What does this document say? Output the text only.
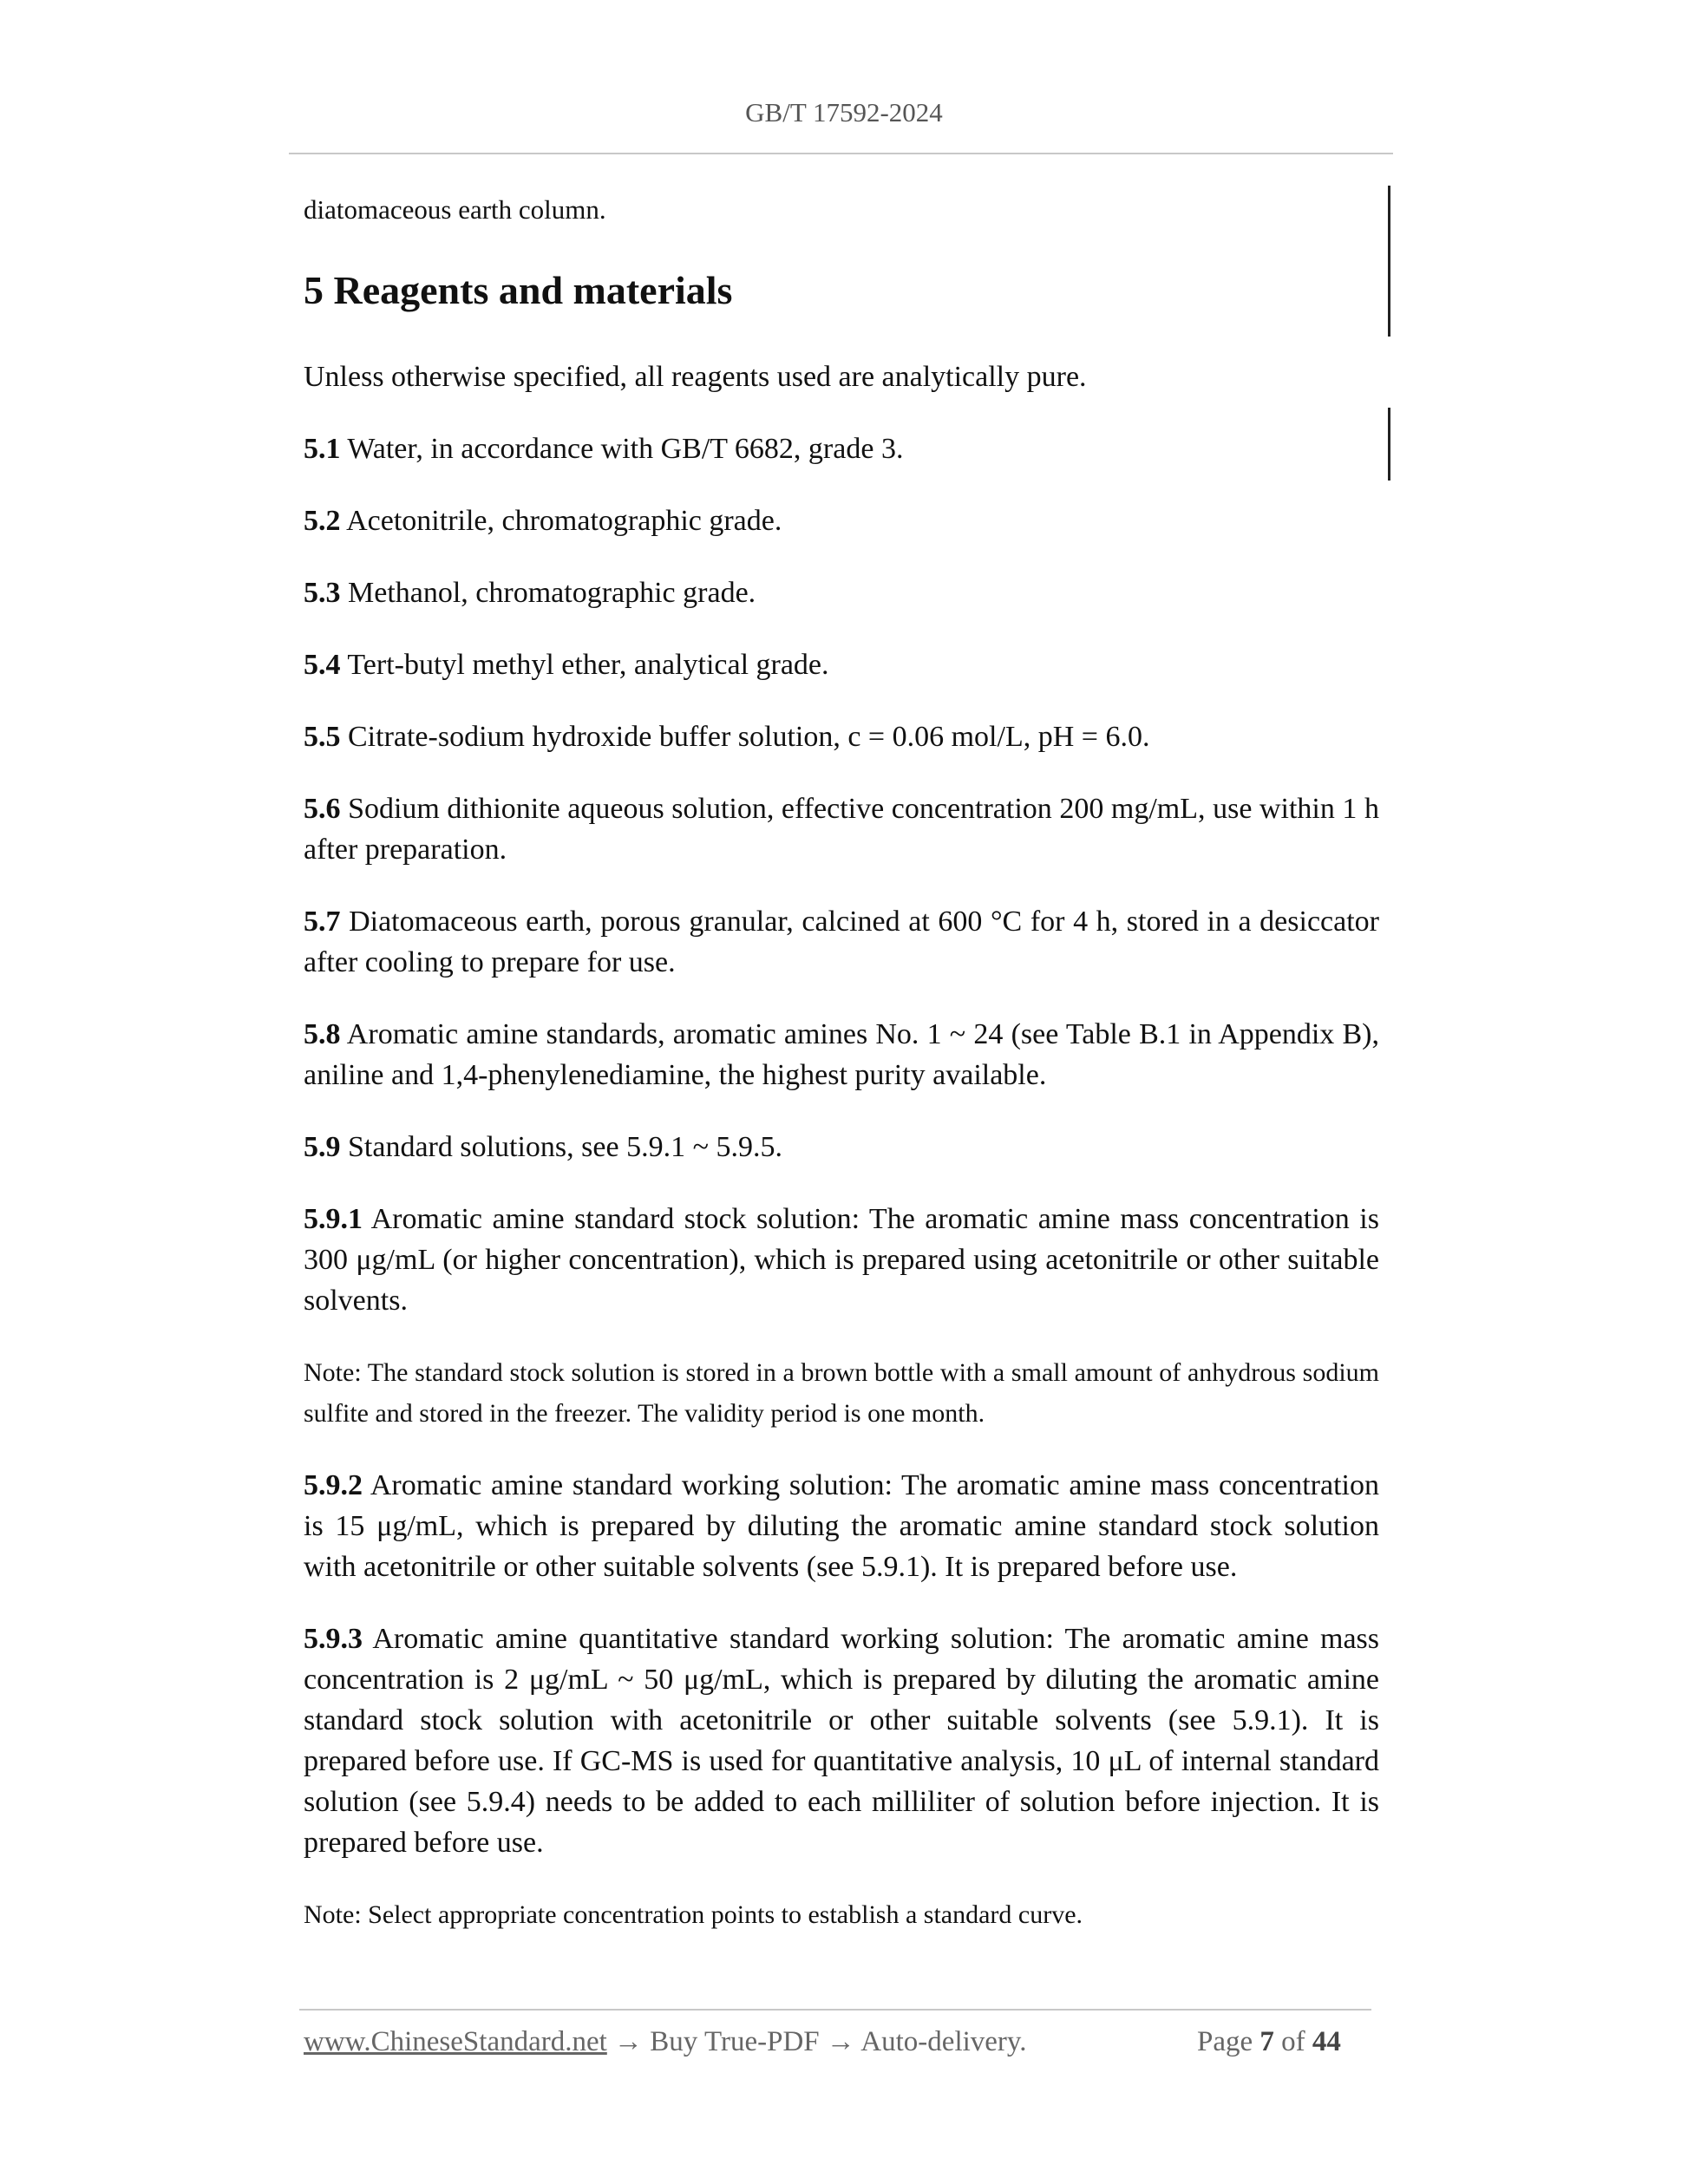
GB/T 17592-2024

diatomaceous earth column.

5 Reagents and materials

Unless otherwise specified, all reagents used are analytically pure.

5.1 Water, in accordance with GB/T 6682, grade 3.

5.2 Acetonitrile, chromatographic grade.

5.3 Methanol, chromatographic grade.

5.4 Tert-butyl methyl ether, analytical grade.

5.5 Citrate-sodium hydroxide buffer solution, c = 0.06 mol/L, pH = 6.0.

5.6 Sodium dithionite aqueous solution, effective concentration 200 mg/mL, use within 1 h after preparation.

5.7 Diatomaceous earth, porous granular, calcined at 600 °C for 4 h, stored in a desiccator after cooling to prepare for use.

5.8 Aromatic amine standards, aromatic amines No. 1 ~ 24 (see Table B.1 in Appendix B), aniline and 1,4-phenylenediamine, the highest purity available.

5.9 Standard solutions, see 5.9.1 ~ 5.9.5.

5.9.1 Aromatic amine standard stock solution: The aromatic amine mass concentration is 300 μg/mL (or higher concentration), which is prepared using acetonitrile or other suitable solvents.

Note: The standard stock solution is stored in a brown bottle with a small amount of anhydrous sodium sulfite and stored in the freezer. The validity period is one month.

5.9.2 Aromatic amine standard working solution: The aromatic amine mass concentration is 15 μg/mL, which is prepared by diluting the aromatic amine standard stock solution with acetonitrile or other suitable solvents (see 5.9.1). It is prepared before use.

5.9.3 Aromatic amine quantitative standard working solution: The aromatic amine mass concentration is 2 μg/mL ~ 50 μg/mL, which is prepared by diluting the aromatic amine standard stock solution with acetonitrile or other suitable solvents (see 5.9.1). It is prepared before use. If GC-MS is used for quantitative analysis, 10 μL of internal standard solution (see 5.9.4) needs to be added to each milliliter of solution before injection. It is prepared before use.

Note: Select appropriate concentration points to establish a standard curve.

www.ChineseStandard.net → Buy True-PDF → Auto-delivery.	Page 7 of 44
